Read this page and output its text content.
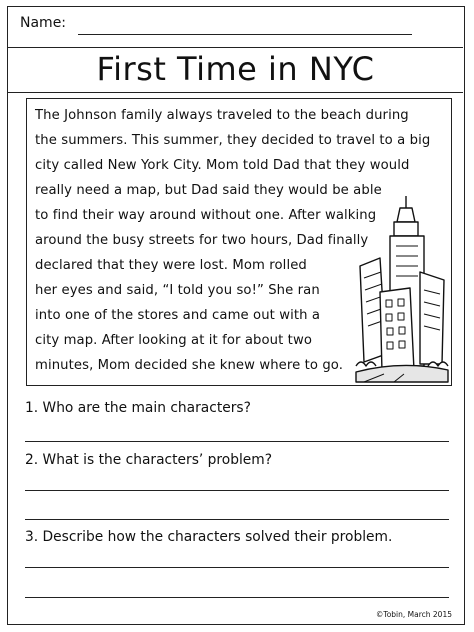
Name:
First Time in NYC
The Johnson family always traveled to the beach during
the summers. This summer, they decided to travel to a big
city called New York City. Mom told Dad that they would
really need a map, but Dad said they would be able
to find their way around without one. After walking
around the busy streets for two hours, Dad finally
declared that they were lost. Mom rolled
her eyes and said, “I told you so!” She ran
into one of the stores and came out with a
city map. After looking at it for about two
minutes, Mom decided she knew where to go.
1. Who are the main characters?
2. What is the characters’ problem?
3. Describe how the characters solved their problem.
©Tobin, March 2015
